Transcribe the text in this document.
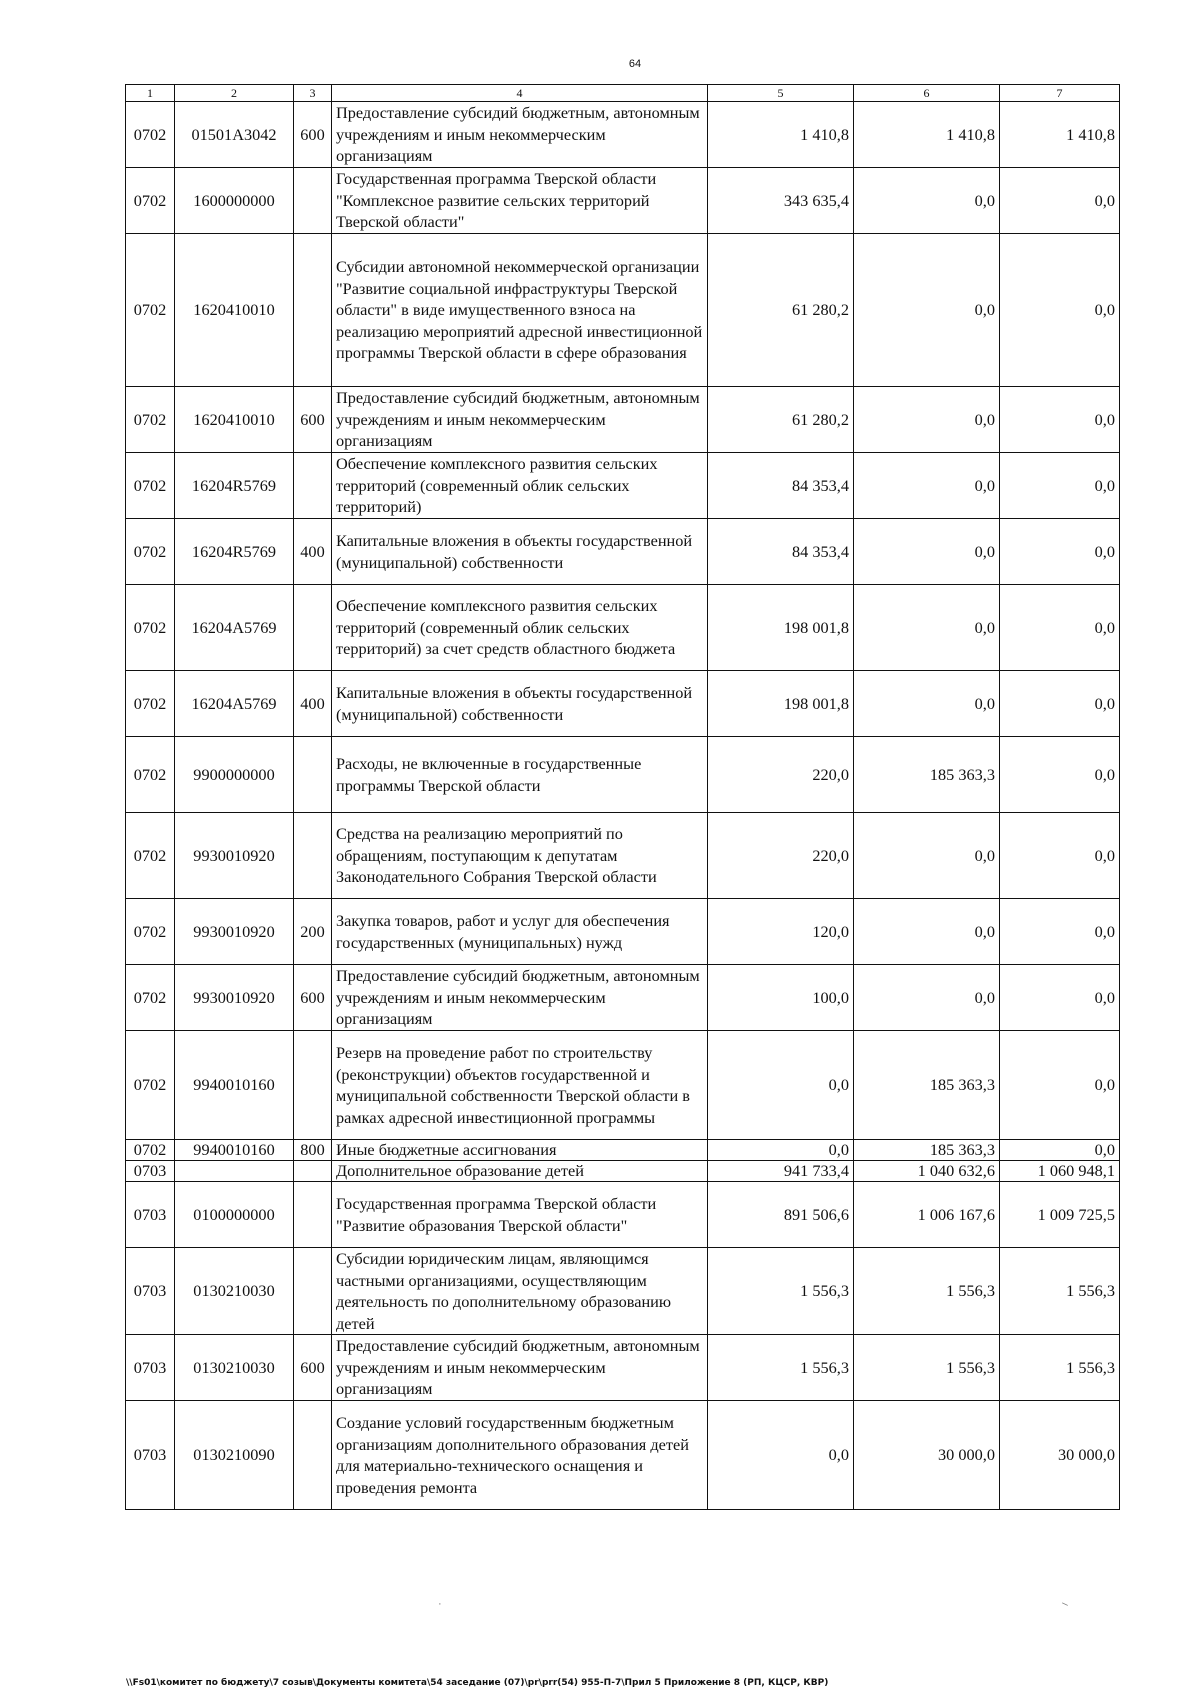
64
1	2	3	4	5	6	7
0702	01501А3042	600	Предоставление субсидий бюджетным, автономным учреждениям и иным некоммерческим организациям	1 410,8	1 410,8	1 410,8
0702	1600000000		Государственная программа Тверской области "Комплексное развитие сельских территорий Тверской области"	343 635,4	0,0	0,0
0702	1620410010		Субсидии автономной некоммерческой организации "Развитие социальной инфраструктуры Тверской области" в виде имущественного взноса на реализацию мероприятий адресной инвестиционной программы Тверской области в сфере образования	61 280,2	0,0	0,0
0702	1620410010	600	Предоставление субсидий бюджетным, автономным учреждениям и иным некоммерческим организациям	61 280,2	0,0	0,0
0702	16204R5769		Обеспечение комплексного развития сельских территорий (современный облик сельских территорий)	84 353,4	0,0	0,0
0702	16204R5769	400	Капитальные вложения в объекты государственной (муниципальной) собственности	84 353,4	0,0	0,0
0702	16204А5769		Обеспечение комплексного развития сельских территорий (современный облик сельских территорий) за счет средств областного бюджета	198 001,8	0,0	0,0
0702	16204А5769	400	Капитальные вложения в объекты государственной (муниципальной) собственности	198 001,8	0,0	0,0
0702	9900000000		Расходы, не включенные в государственные программы Тверской области	220,0	185 363,3	0,0
0702	9930010920		Средства на реализацию мероприятий по обращениям, поступающим к депутатам Законодательного Собрания Тверской области	220,0	0,0	0,0
0702	9930010920	200	Закупка товаров, работ и услуг для обеспечения государственных (муниципальных) нужд	120,0	0,0	0,0
0702	9930010920	600	Предоставление субсидий бюджетным, автономным учреждениям и иным некоммерческим организациям	100,0	0,0	0,0
0702	9940010160		Резерв на проведение работ по строительству (реконструкции) объектов государственной и муниципальной собственности Тверской области в рамках адресной инвестиционной программы	0,0	185 363,3	0,0
0702	9940010160	800	Иные бюджетные ассигнования	0,0	185 363,3	0,0
0703			Дополнительное образование детей	941 733,4	1 040 632,6	1 060 948,1
0703	0100000000		Государственная программа Тверской области "Развитие образования Тверской области"	891 506,6	1 006 167,6	1 009 725,5
0703	0130210030		Субсидии юридическим лицам, являющимся частными организациями, осуществляющим деятельность по дополнительному образованию детей	1 556,3	1 556,3	1 556,3
0703	0130210030	600	Предоставление субсидий бюджетным, автономным учреждениям и иным некоммерческим организациям	1 556,3	1 556,3	1 556,3
0703	0130210090		Создание условий государственным бюджетным организациям дополнительного образования детей для материально-технического оснащения и проведения ремонта	0,0	30 000,0	30 000,0
\\Fs01\комитет по бюджету\7 созыв\Документы комитета\54 заседание (07)\pr\prr(54) 955-П-7\Прил 5 Приложение 8 (РП, КЦСР, КВР)
·	–
